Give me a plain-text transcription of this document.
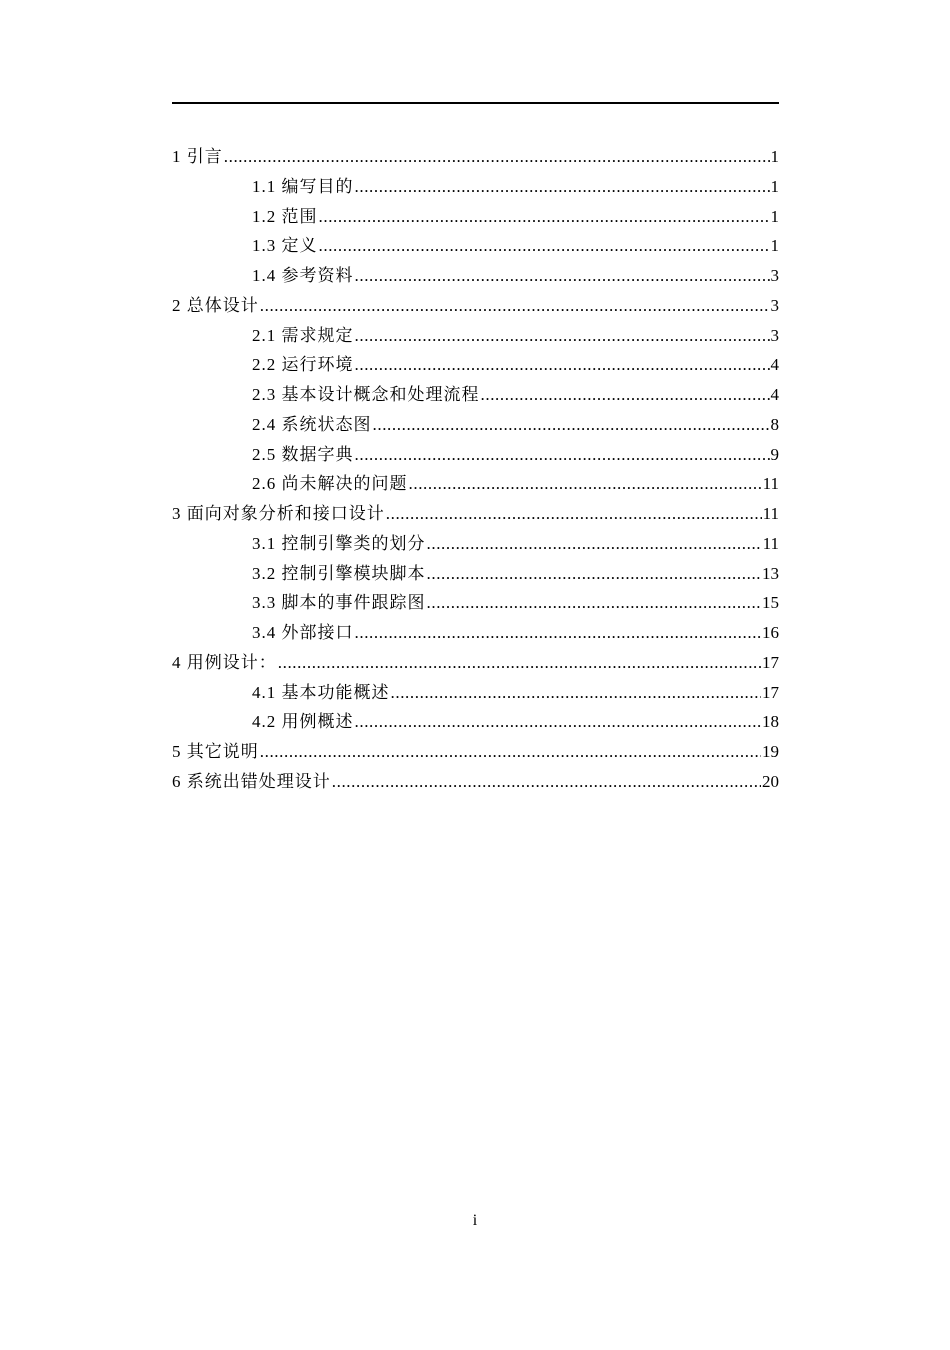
1 引言 .....	1
1.1 编写目的 .....	1
1.2 范围 .....	1
1.3 定义 .....	1
1.4 参考资料 .....	3
2 总体设计 .....	3
2.1 需求规定 .....	3
2.2 运行环境 .....	4
2.3 基本设计概念和处理流程 .....	4
2.4 系统状态图 .....	8
2.5 数据字典 .....	9
2.6 尚未解决的问题 .....	11
3 面向对象分析和接口设计 .....	11
3.1 控制引擎类的划分 .....	11
3.2 控制引擎模块脚本 .....	13
3.3 脚本的事件跟踪图 .....	15
3.4 外部接口 .....	16
4 用例设计： .....	17
4.1 基本功能概述 .....	17
4.2 用例概述 .....	18
5 其它说明 .....	19
6 系统出错处理设计 .....	20
i
